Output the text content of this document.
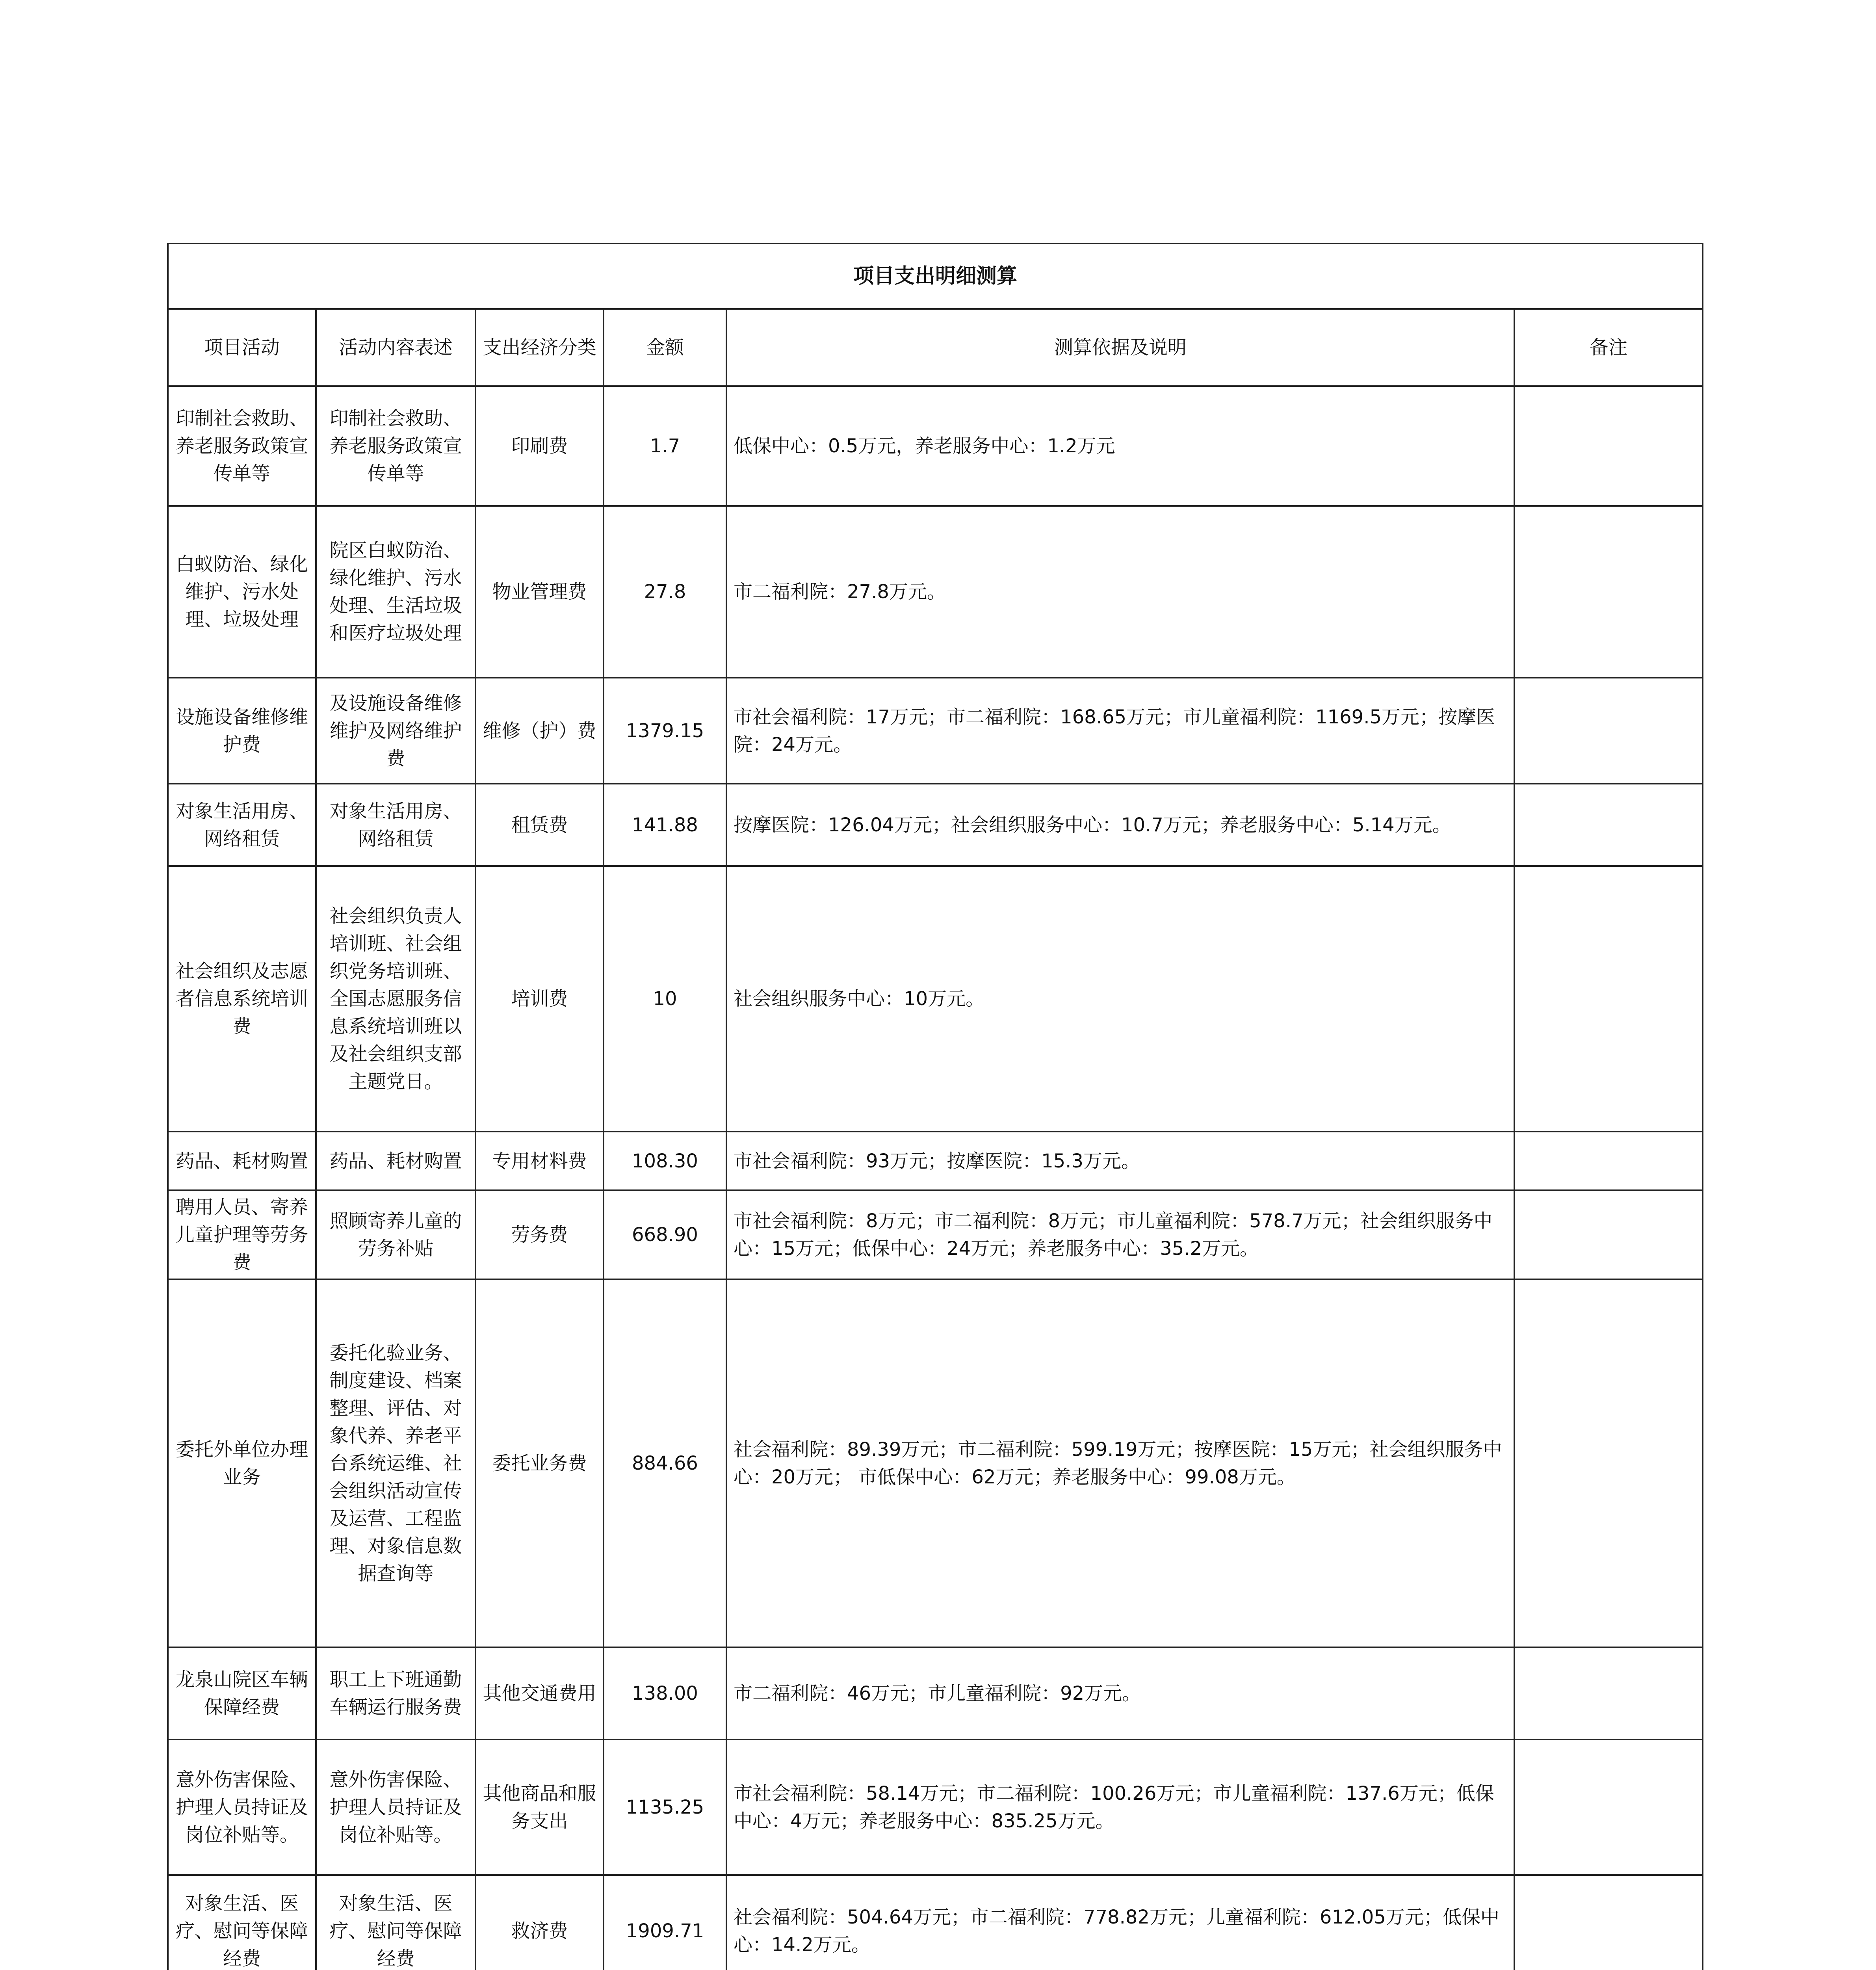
项目支出明细测算					
项目活动	活动内容表述	支出经济分类	金额	测算依据及说明	备注
印制社会救助、养老服务政策宣传单等	印制社会救助、养老服务政策宣传单等	印刷费	1.7	低保中心：0.5万元，养老服务中心：1.2万元	
白蚁防治、绿化维护、污水处理、垃圾处理	院区白蚁防治、绿化维护、污水处理、生活垃圾和医疗垃圾处理	物业管理费	27.8	市二福利院：27.8万元。	
设施设备维修维护费	及设施设备维修维护及网络维护费	维修（护）费	1379.15	市社会福利院：17万元；市二福利院：168.65万元；市儿童福利院：1169.5万元；按摩医院：24万元。	
对象生活用房、网络租赁	对象生活用房、网络租赁	租赁费	141.88	按摩医院：126.04万元；社会组织服务中心：10.7万元；养老服务中心：5.14万元。	
社会组织及志愿者信息系统培训费	社会组织负责人培训班、社会组织党务培训班、全国志愿服务信息系统培训班以及社会组织支部主题党日。	培训费	10	社会组织服务中心：10万元。	
药品、耗材购置	药品、耗材购置	专用材料费	108.30	市社会福利院：93万元；按摩医院：15.3万元。	
聘用人员、寄养儿童护理等劳务费	照顾寄养儿童的劳务补贴	劳务费	668.90	市社会福利院：8万元；市二福利院：8万元；市儿童福利院：578.7万元；社会组织服务中心：15万元；低保中心：24万元；养老服务中心：35.2万元。	
委托外单位办理业务	委托化验业务、制度建设、档案整理、评估、对象代养、养老平台系统运维、社会组织活动宣传及运营、工程监理、对象信息数据查询等	委托业务费	884.66	社会福利院：89.39万元；市二福利院：599.19万元；按摩医院：15万元；社会组织服务中心：20万元； 市低保中心：62万元；养老服务中心：99.08万元。	
龙泉山院区车辆保障经费	职工上下班通勤车辆运行服务费	其他交通费用	138.00	市二福利院：46万元；市儿童福利院：92万元。	
意外伤害保险、护理人员持证及岗位补贴等。	意外伤害保险、护理人员持证及岗位补贴等。	其他商品和服务支出	1135.25	市社会福利院：58.14万元；市二福利院：100.26万元；市儿童福利院：137.6万元；低保中心：4万元；养老服务中心：835.25万元。	
对象生活、医疗、慰问等保障经费	对象生活、医疗、慰问等保障经费	救济费	1909.71	社会福利院：504.64万元；市二福利院：778.82万元；儿童福利院：612.05万元；低保中心：14.2万元。	
